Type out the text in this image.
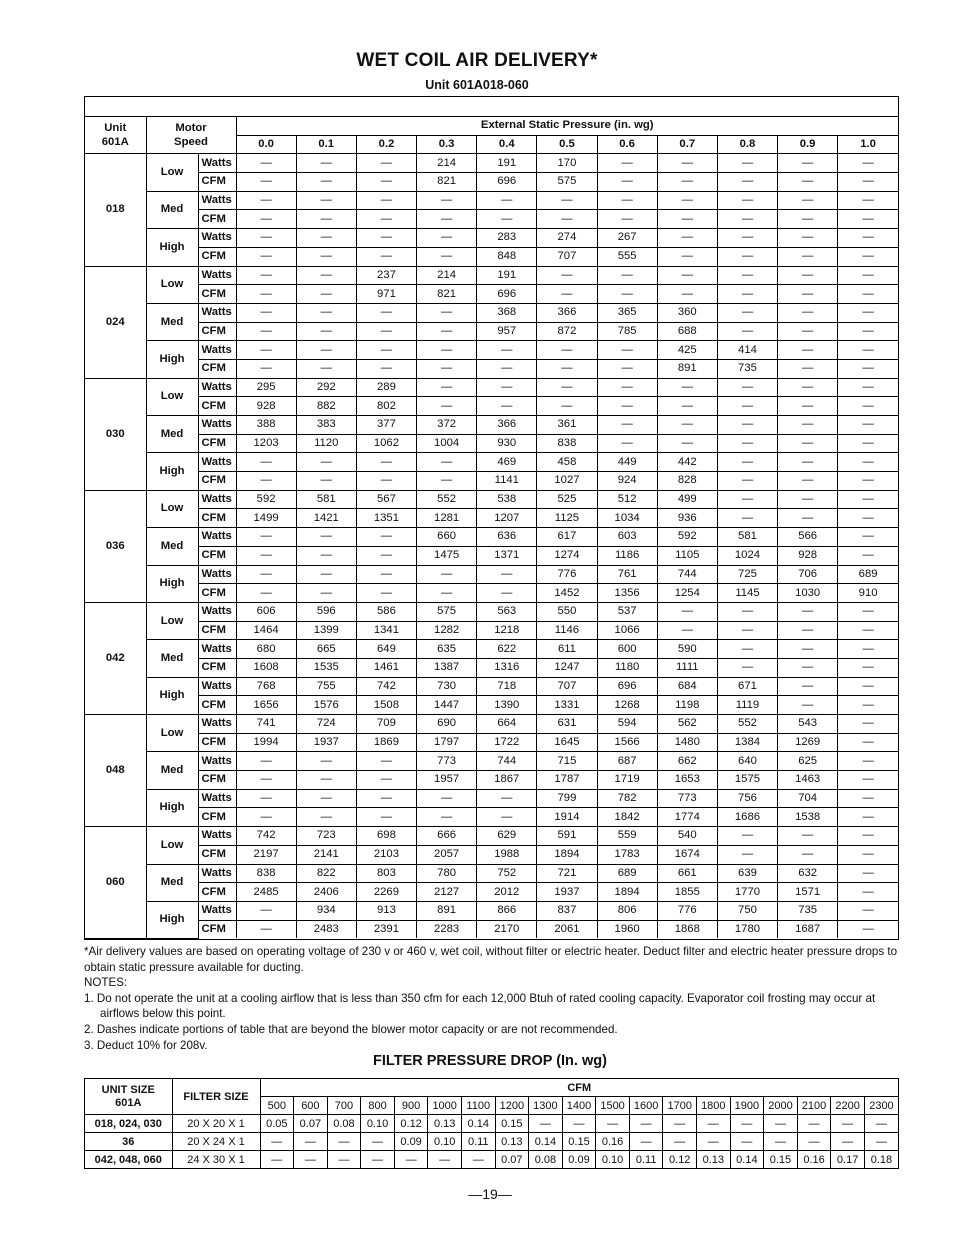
WET COIL AIR DELIVERY*
Unit 601A018-060
Unit
601A	Motor
Speed		External Static Pressure (in. wg)										
			0.0	0.1	0.2	0.3	0.4	0.5	0.6	0.7	0.8	0.9	1.0
018	Low	Watts	—	—	—	214	191	170	—	—	—	—	—
		CFM	—	—	—	821	696	575	—	—	—	—	—
	Med	Watts	—	—	—	—	—	—	—	—	—	—	—
		CFM	—	—	—	—	—	—	—	—	—	—	—
	High	Watts	—	—	—	—	283	274	267	—	—	—	—
		CFM	—	—	—	—	848	707	555	—	—	—	—
024	Low	Watts	—	—	237	214	191	—	—	—	—	—	—
		CFM	—	—	971	821	696	—	—	—	—	—	—
	Med	Watts	—	—	—	—	368	366	365	360	—	—	—
		CFM	—	—	—	—	957	872	785	688	—	—	—
	High	Watts	—	—	—	—	—	—	—	425	414	—	—
		CFM	—	—	—	—	—	—	—	891	735	—	—
030	Low	Watts	295	292	289	—	—	—	—	—	—	—	—
		CFM	928	882	802	—	—	—	—	—	—	—	—
	Med	Watts	388	383	377	372	366	361	—	—	—	—	—
		CFM	1203	1120	1062	1004	930	838	—	—	—	—	—
	High	Watts	—	—	—	—	469	458	449	442	—	—	—
		CFM	—	—	—	—	1141	1027	924	828	—	—	—
036	Low	Watts	592	581	567	552	538	525	512	499	—	—	—
		CFM	1499	1421	1351	1281	1207	1125	1034	936	—	—	—
	Med	Watts	—	—	—	660	636	617	603	592	581	566	—
		CFM	—	—	—	1475	1371	1274	1186	1105	1024	928	—
	High	Watts	—	—	—	—	—	776	761	744	725	706	689
		CFM	—	—	—	—	—	1452	1356	1254	1145	1030	910
042	Low	Watts	606	596	586	575	563	550	537	—	—	—	—
		CFM	1464	1399	1341	1282	1218	1146	1066	—	—	—	—
	Med	Watts	680	665	649	635	622	611	600	590	—	—	—
		CFM	1608	1535	1461	1387	1316	1247	1180	1111	—	—	—
	High	Watts	768	755	742	730	718	707	696	684	671	—	—
		CFM	1656	1576	1508	1447	1390	1331	1268	1198	1119	—	—
048	Low	Watts	741	724	709	690	664	631	594	562	552	543	—
		CFM	1994	1937	1869	1797	1722	1645	1566	1480	1384	1269	—
	Med	Watts	—	—	—	773	744	715	687	662	640	625	—
		CFM	—	—	—	1957	1867	1787	1719	1653	1575	1463	—
	High	Watts	—	—	—	—	—	799	782	773	756	704	—
		CFM	—	—	—	—	—	1914	1842	1774	1686	1538	—
060	Low	Watts	742	723	698	666	629	591	559	540	—	—	—
		CFM	2197	2141	2103	2057	1988	1894	1783	1674	—	—	—
	Med	Watts	838	822	803	780	752	721	689	661	639	632	—
		CFM	2485	2406	2269	2127	2012	1937	1894	1855	1770	1571	—
	High	Watts	—	934	913	891	866	837	806	776	750	735	—
		CFM	—	2483	2391	2283	2170	2061	1960	1868	1780	1687	—

*Air delivery values are based on operating voltage of 230 v or 460 v, wet coil, without filter or electric heater. Deduct filter and electric heater pressure drops to obtain static pressure available for ducting.

NOTES:

1. Do not operate the unit at a cooling airflow that is less than 350 cfm for each 12,000 Btuh of rated cooling capacity. Evaporator coil frosting may occur at airflows below this point.

2. Dashes indicate portions of table that are beyond the blower motor capacity or are not recommended.

3. Deduct 10% for 208v.

FILTER PRESSURE DROP (In. wg)
UNIT SIZE
601A	FILTER SIZE	CFM																		
		500	600	700	800	900	1000	1100	1200	1300	1400	1500	1600	1700	1800	1900	2000	2100	2200	2300
018, 024, 030	20 X 20 X 1	0.05	0.07	0.08	0.10	0.12	0.13	0.14	0.15	—	—	—	—	—	—	—	—	—	—	—
36	20 X 24 X 1	—	—	—	—	0.09	0.10	0.11	0.13	0.14	0.15	0.16	—	—	—	—	—	—	—	—
042, 048, 060	24 X 30 X 1	—	—	—	—	—	—	—	0.07	0.08	0.09	0.10	0.11	0.12	0.13	0.14	0.15	0.16	0.17	0.18
—19—
